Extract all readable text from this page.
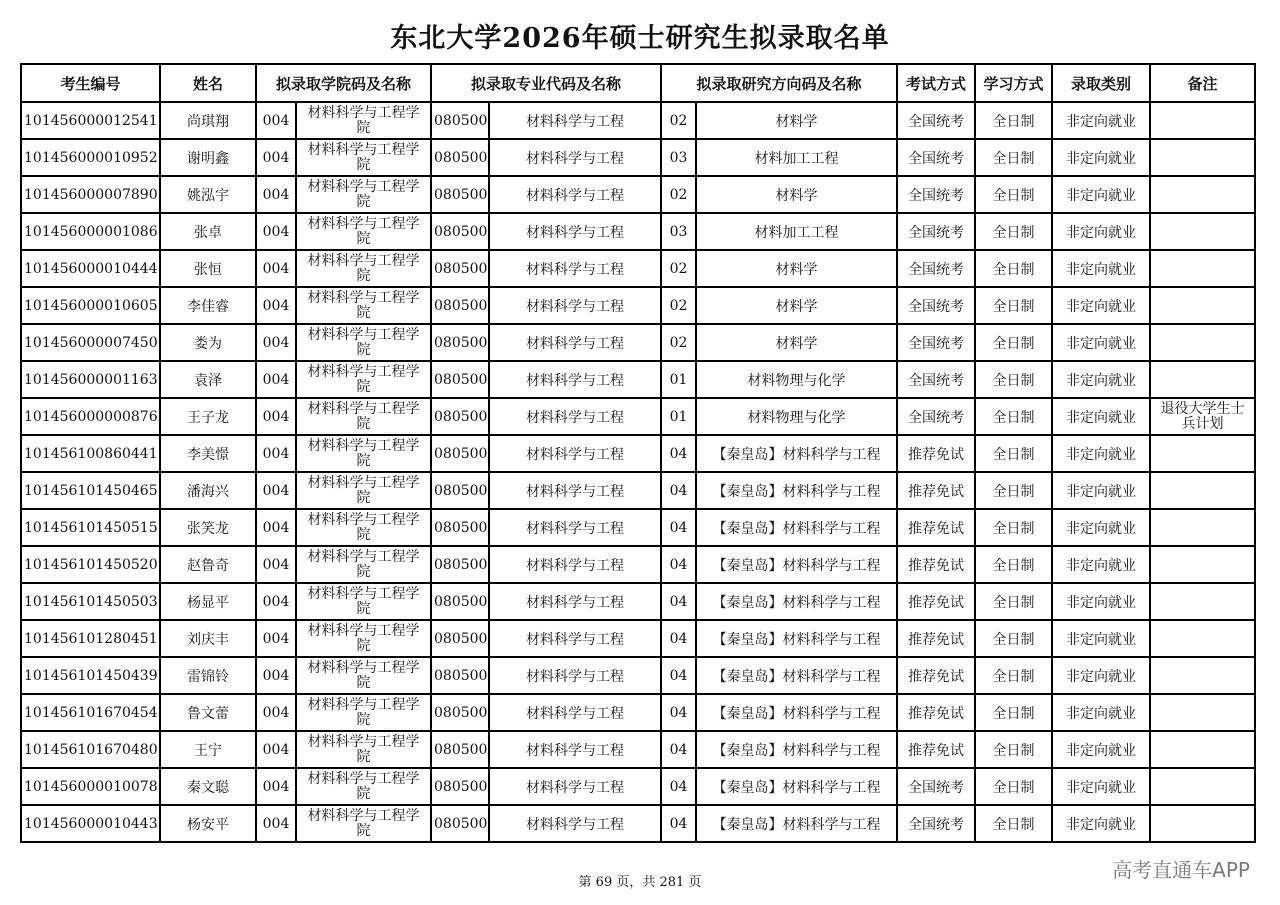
东北大学2026年硕士研究生拟录取名单
考生编号	姓名	拟录取学院码及名称		拟录取专业代码及名称		拟录取研究方向码及名称		考试方式	学习方式	录取类别	备注
101456000012541	尚琪翔	004	材料科学与工程学院	080500	材料科学与工程	02	材料学	全国统考	全日制	非定向就业	
101456000010952	谢明鑫	004	材料科学与工程学院	080500	材料科学与工程	03	材料加工工程	全国统考	全日制	非定向就业	
101456000007890	姚泓宇	004	材料科学与工程学院	080500	材料科学与工程	02	材料学	全国统考	全日制	非定向就业	
101456000001086	张卓	004	材料科学与工程学院	080500	材料科学与工程	03	材料加工工程	全国统考	全日制	非定向就业	
101456000010444	张恒	004	材料科学与工程学院	080500	材料科学与工程	02	材料学	全国统考	全日制	非定向就业	
101456000010605	李佳睿	004	材料科学与工程学院	080500	材料科学与工程	02	材料学	全国统考	全日制	非定向就业	
101456000007450	娄为	004	材料科学与工程学院	080500	材料科学与工程	02	材料学	全国统考	全日制	非定向就业	
101456000001163	袁泽	004	材料科学与工程学院	080500	材料科学与工程	01	材料物理与化学	全国统考	全日制	非定向就业	
101456000000876	王子龙	004	材料科学与工程学院	080500	材料科学与工程	01	材料物理与化学	全国统考	全日制	非定向就业	退役大学生士兵计划
101456100860441	李美憬	004	材料科学与工程学院	080500	材料科学与工程	04	【秦皇岛】材料科学与工程	推荐免试	全日制	非定向就业	
101456101450465	潘海兴	004	材料科学与工程学院	080500	材料科学与工程	04	【秦皇岛】材料科学与工程	推荐免试	全日制	非定向就业	
101456101450515	张笑龙	004	材料科学与工程学院	080500	材料科学与工程	04	【秦皇岛】材料科学与工程	推荐免试	全日制	非定向就业	
101456101450520	赵鲁奇	004	材料科学与工程学院	080500	材料科学与工程	04	【秦皇岛】材料科学与工程	推荐免试	全日制	非定向就业	
101456101450503	杨显平	004	材料科学与工程学院	080500	材料科学与工程	04	【秦皇岛】材料科学与工程	推荐免试	全日制	非定向就业	
101456101280451	刘庆丰	004	材料科学与工程学院	080500	材料科学与工程	04	【秦皇岛】材料科学与工程	推荐免试	全日制	非定向就业	
101456101450439	雷锦铃	004	材料科学与工程学院	080500	材料科学与工程	04	【秦皇岛】材料科学与工程	推荐免试	全日制	非定向就业	
101456101670454	鲁文蕾	004	材料科学与工程学院	080500	材料科学与工程	04	【秦皇岛】材料科学与工程	推荐免试	全日制	非定向就业	
101456101670480	王宁	004	材料科学与工程学院	080500	材料科学与工程	04	【秦皇岛】材料科学与工程	推荐免试	全日制	非定向就业	
101456000010078	秦文聪	004	材料科学与工程学院	080500	材料科学与工程	04	【秦皇岛】材料科学与工程	全国统考	全日制	非定向就业	
101456000010443	杨安平	004	材料科学与工程学院	080500	材料科学与工程	04	【秦皇岛】材料科学与工程	全国统考	全日制	非定向就业	
第 69 页，共 281 页
高考直通车APP
